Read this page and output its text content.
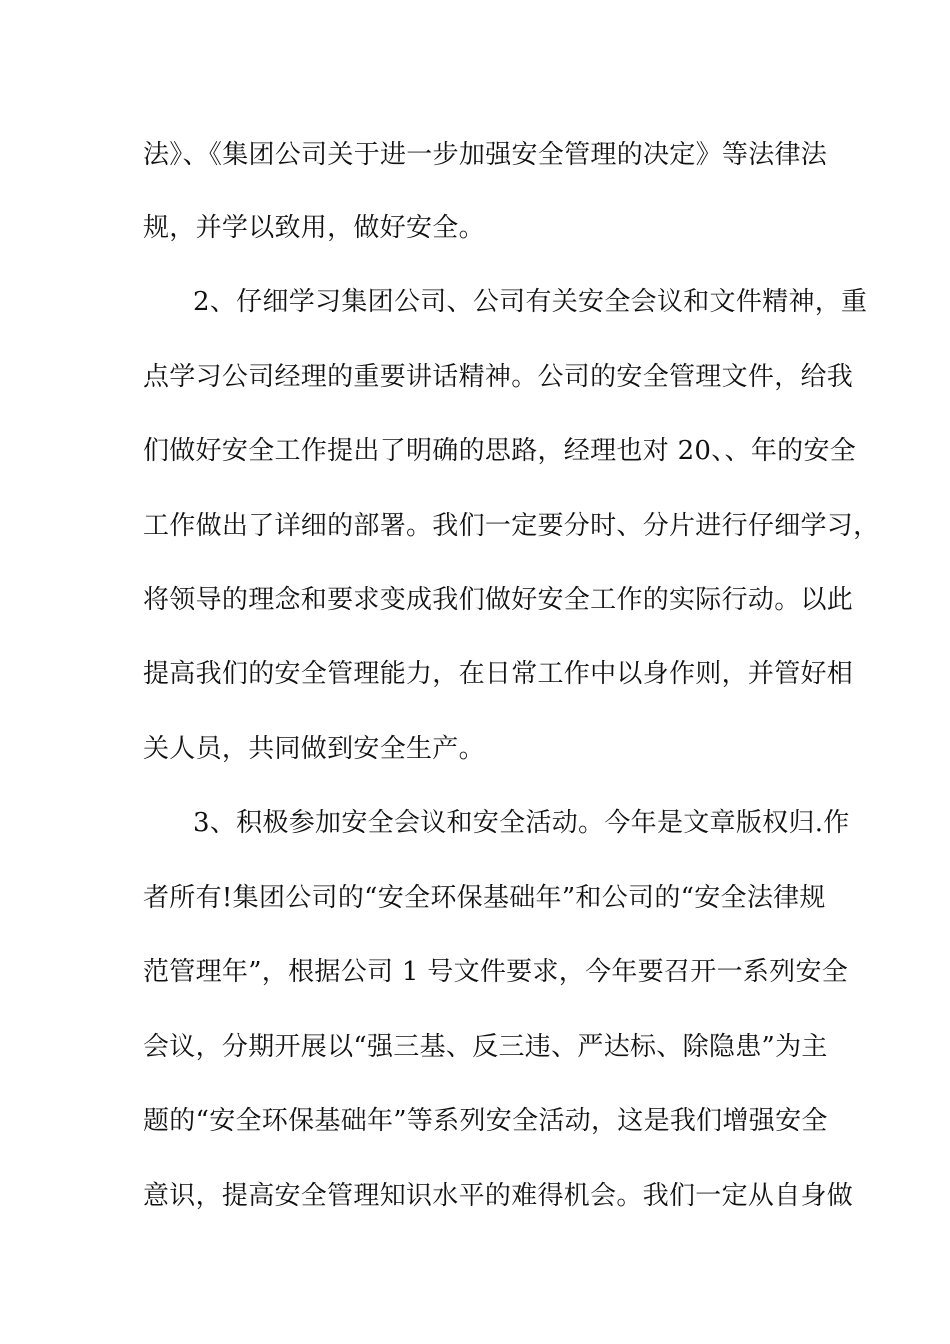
法》、《集团公司关于进一步加强安全管理的决定》等法律法
规，并学以致用，做好安全。
2、仔细学习集团公司、公司有关安全会议和文件精神，重
点学习公司经理的重要讲话精神。公司的安全管理文件，给我
们做好安全工作提出了明确的思路，经理也对 20、、年的安全
工作做出了详细的部署。我们一定要分时、分片进行仔细学习，
将领导的理念和要求变成我们做好安全工作的实际行动。以此
提高我们的安全管理能力，在日常工作中以身作则，并管好相
关人员，共同做到安全生产。
3、积极参加安全会议和安全活动。今年是文章版权归.作
者所有!集团公司的“安全环保基础年”和公司的“安全法律规
范管理年”，根据公司 1 号文件要求，今年要召开一系列安全
会议，分期开展以“强三基、反三违、严达标、除隐患”为主
题的“安全环保基础年”等系列安全活动，这是我们增强安全
意识，提高安全管理知识水平的难得机会。我们一定从自身做
